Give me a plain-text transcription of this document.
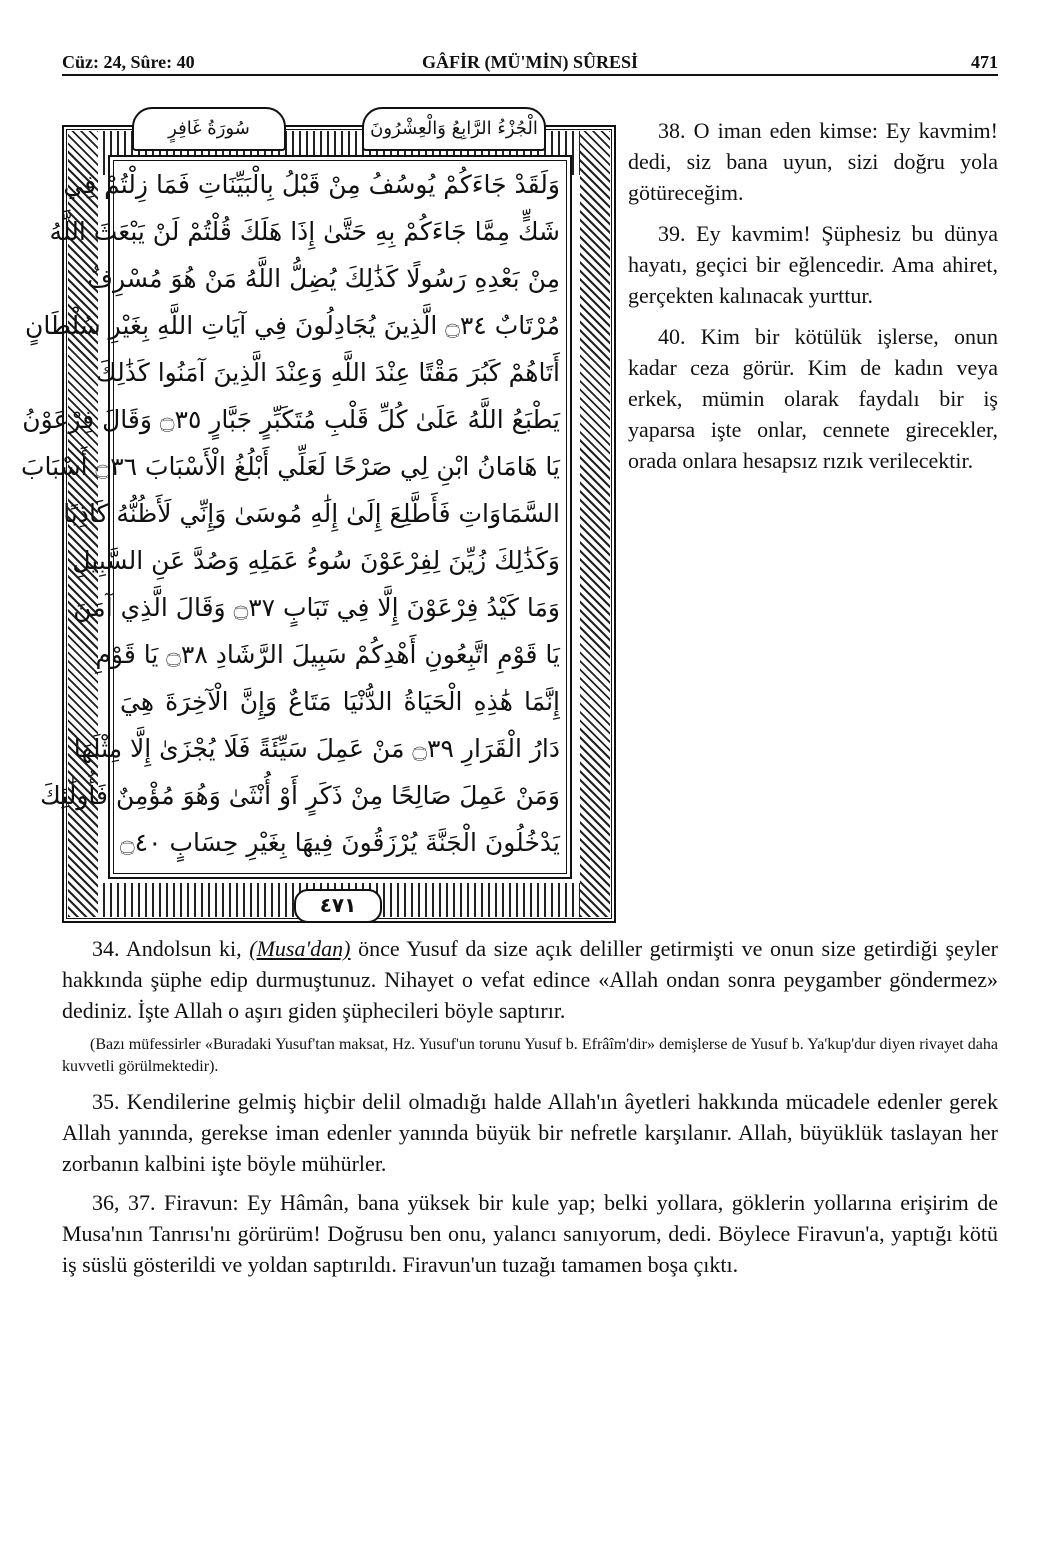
GÂFİR (MÜ'MİN) SÛRESİ
Cüz: 24, Sûre: 40	471
سُورَةُ غَافِرٍ	الْجُزْءُ الرَّابِعُ وَالْعِشْرُونَ
وَلَقَدْ جَاءَكُمْ يُوسُفُ مِنْ قَبْلُ بِالْبَيِّنَاتِ فَمَا زِلْتُمْ فِي
شَكٍّ مِمَّا جَاءَكُمْ بِهِ حَتَّىٰ إِذَا هَلَكَ قُلْتُمْ لَنْ يَبْعَثَ اللَّهُ
مِنْ بَعْدِهِ رَسُولًا كَذَٰلِكَ يُضِلُّ اللَّهُ مَنْ هُوَ مُسْرِفٌ
مُرْتَابٌ ۝٣٤ الَّذِينَ يُجَادِلُونَ فِي آيَاتِ اللَّهِ بِغَيْرِ سُلْطَانٍ
أَتَاهُمْ كَبُرَ مَقْتًا عِنْدَ اللَّهِ وَعِنْدَ الَّذِينَ آمَنُوا كَذَٰلِكَ
يَطْبَعُ اللَّهُ عَلَىٰ كُلِّ قَلْبِ مُتَكَبِّرٍ جَبَّارٍ ۝٣٥ وَقَالَ فِرْعَوْنُ
يَا هَامَانُ ابْنِ لِي صَرْحًا لَعَلِّي أَبْلُغُ الْأَسْبَابَ ۝٣٦ أَسْبَابَ
السَّمَاوَاتِ فَأَطَّلِعَ إِلَىٰ إِلَٰهِ مُوسَىٰ وَإِنِّي لَأَظُنُّهُ كَاذِبًا
وَكَذَٰلِكَ زُيِّنَ لِفِرْعَوْنَ سُوءُ عَمَلِهِ وَصُدَّ عَنِ السَّبِيلِ
وَمَا كَيْدُ فِرْعَوْنَ إِلَّا فِي تَبَابٍ ۝٣٧ وَقَالَ الَّذِي آمَنَ
يَا قَوْمِ اتَّبِعُونِ أَهْدِكُمْ سَبِيلَ الرَّشَادِ ۝٣٨ يَا قَوْمِ
إِنَّمَا هَٰذِهِ الْحَيَاةُ الدُّنْيَا مَتَاعٌ وَإِنَّ الْآخِرَةَ هِيَ
دَارُ الْقَرَارِ ۝٣٩ مَنْ عَمِلَ سَيِّئَةً فَلَا يُجْزَىٰ إِلَّا مِثْلَهَا
وَمَنْ عَمِلَ صَالِحًا مِنْ ذَكَرٍ أَوْ أُنْثَىٰ وَهُوَ مُؤْمِنٌ فَأُولَٰئِكَ
يَدْخُلُونَ الْجَنَّةَ يُرْزَقُونَ فِيهَا بِغَيْرِ حِسَابٍ ۝٤٠
٤٧١

38. O iman eden kimse: Ey kavmim! dedi, siz bana uyun, sizi doğru yola götüreceğim.

39. Ey kavmim! Şüphesiz bu dünya hayatı, geçici bir eğlencedir. Ama ahiret, gerçekten kalınacak yurttur.

40. Kim bir kötülük işlerse, onun kadar ceza görür. Kim de kadın veya erkek, mümin olarak faydalı bir iş yaparsa işte onlar, cennete girecekler, orada onlara hesapsız rızık verilecektir.

34. Andolsun ki, (Musa'dan) önce Yusuf da size açık deliller getirmişti ve onun size getirdiği şeyler hakkında şüphe edip durmuştunuz. Nihayet o vefat edince «Allah ondan sonra peygamber göndermez» dediniz. İşte Allah o aşırı giden şüphecileri böyle saptırır.

(Bazı müfessirler «Buradaki Yusuf'tan maksat, Hz. Yusuf'un torunu Yusuf b. Efrâîm'dir» demişlerse de Yusuf b. Ya'kup'dur diyen rivayet daha kuvvetli görülmektedir).

35. Kendilerine gelmiş hiçbir delil olmadığı halde Allah'ın âyetleri hakkında mücadele edenler gerek Allah yanında, gerekse iman edenler yanında büyük bir nefretle karşılanır. Allah, büyüklük taslayan her zorbanın kalbini işte böyle mühürler.

36, 37. Firavun: Ey Hâmân, bana yüksek bir kule yap; belki yollara, göklerin yollarına erişirim de Musa'nın Tanrısı'nı görürüm! Doğrusu ben onu, yalancı sanıyorum, dedi. Böylece Firavun'a, yaptığı kötü iş süslü gösterildi ve yoldan saptırıldı. Firavun'un tuzağı tamamen boşa çıktı.
